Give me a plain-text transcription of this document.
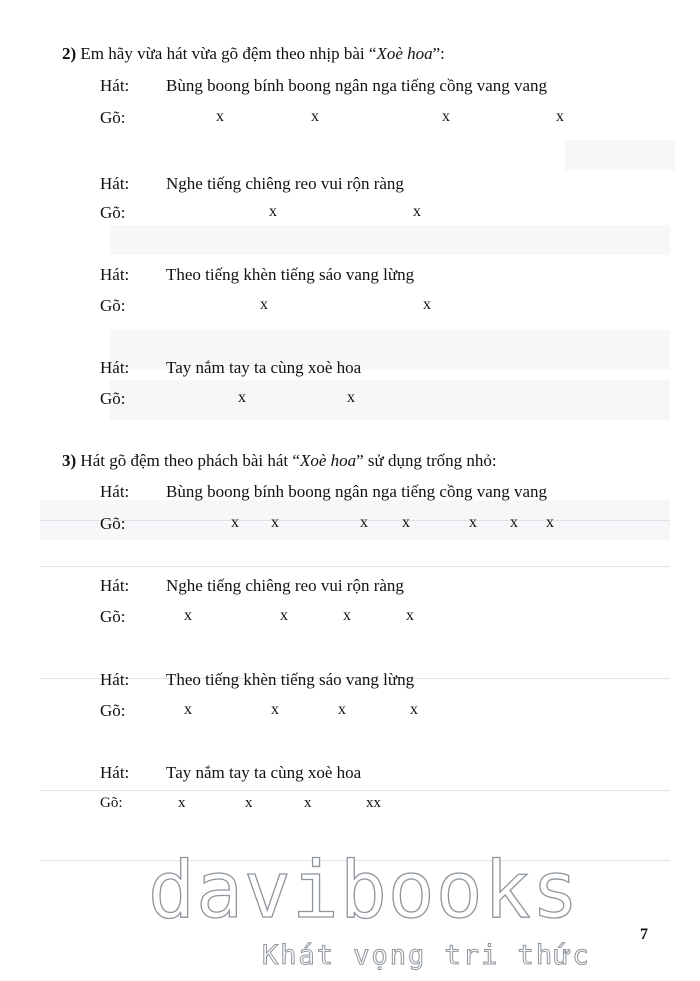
2) Em hãy vừa hát vừa gõ đệm theo nhịp bài “Xoè hoa”:
Hát: Bùng boong bính boong ngân nga tiếng cồng vang vang
Gõ:	x	x	x	x
Hát: Nghe tiếng chiêng reo vui rộn ràng
Gõ:	x	x
Hát: Theo tiếng khèn tiếng sáo vang lừng
Gõ:	x	x
Hát: Tay nắm tay ta cùng xoè hoa
Gõ:	x	x
3) Hát gõ đệm theo phách bài hát “Xoè hoa” sử dụng trống nhỏ:
Hát: Bùng boong bính boong ngân nga tiếng cồng vang vang
Gõ:	x x	x x	x x x
Hát: Nghe tiếng chiêng reo vui rộn ràng
Gõ:	x	x	x	x
Hát: Theo tiếng khèn tiếng sáo vang lừng
Gõ:	x	x	x	x
Hát: Tay nắm tay ta cùng xoè hoa
Gõ:	x	x	x	xx
davibooks
Khát vọng tri thức
7
